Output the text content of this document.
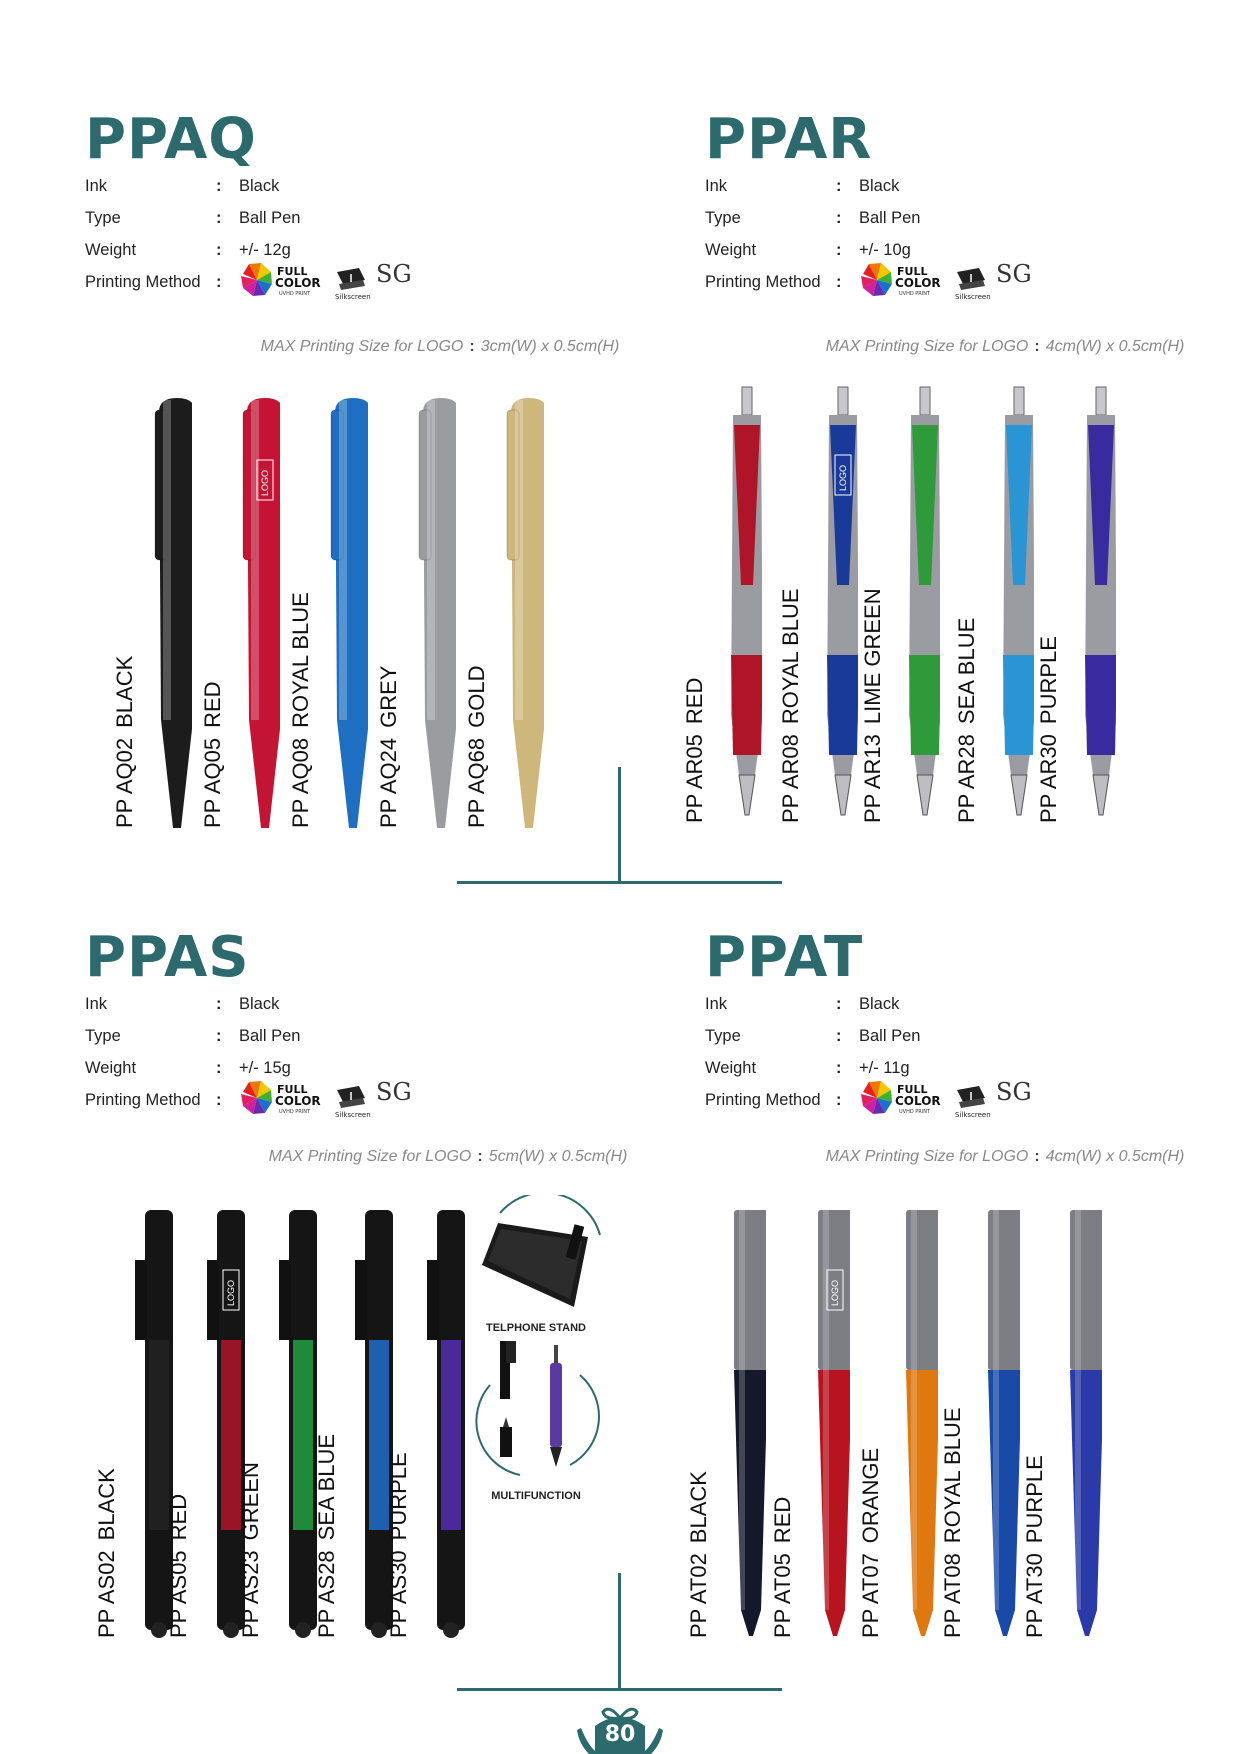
PPAQ
Ink	: Black
Type	: Ball Pen
Weight	: +/- 12g
Printing Method :
FULL
COLOR
UVHD PRINT	Silkscreen
SG
MAX Printing Size for LOGO : 3cm(W) x 0.5cm(H)
PP AQ02BLACK
LOGO
PP AQ05RED
PP AQ08ROYAL BLUE
PP AQ24GREY
PP AQ68GOLD
PPAR
Ink	: Black
Type	: Ball Pen
Weight	: +/- 10g
Printing Method :
FULL
COLOR
UVHD PRINT	Silkscreen
SG
MAX Printing Size for LOGO : 4cm(W) x 0.5cm(H)
PP AR05RED
LOGO
PP AR08ROYAL BLUE
PP AR13LIME GREEN
PP AR28SEA BLUE
PP AR30PURPLE
PPAS
Ink	: Black
Type	: Ball Pen
Weight	: +/- 15g
Printing Method :
FULL
COLOR
UVHD PRINT	Silkscreen
SG
MAX Printing Size for LOGO : 5cm(W) x 0.5cm(H)
PP AS02BLACK
LOGO
PP AS05RED
PP AS23GREEN
PP AS28SEA BLUE
PP AS30PURPLE
TELPHONE STAND
MULTIFUNCTION
PPAT
Ink	: Black
Type	: Ball Pen
Weight	: +/- 11g
Printing Method :
FULL
COLOR
UVHD PRINT	Silkscreen
SG
MAX Printing Size for LOGO : 4cm(W) x 0.5cm(H)
PP AT02BLACK
LOGO
PP AT05RED
PP AT07ORANGE
PP AT08ROYAL BLUE
PP AT30PURPLE
80
